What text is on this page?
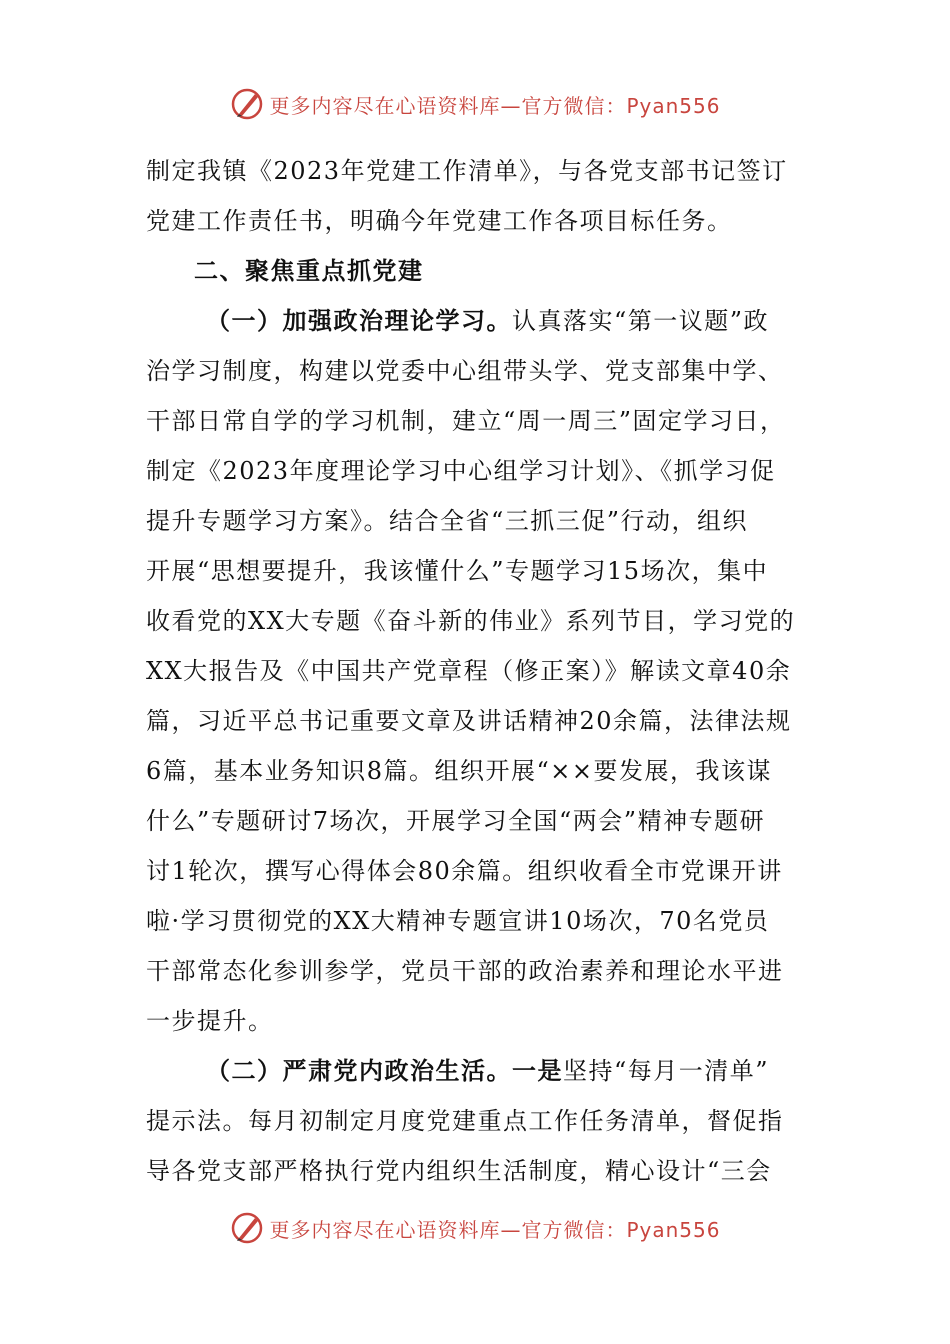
更多内容尽在心语资料库—官方微信：Pyan556
制定我镇《2023年党建工作清单》，与各党支部书记签订
党建工作责任书，明确今年党建工作各项目标任务。
二、聚焦重点抓党建
（一）加强政治理论学习。认真落实“第一议题”政
治学习制度，构建以党委中心组带头学、党支部集中学、
干部日常自学的学习机制，建立“周一周三”固定学习日，
制定《2023年度理论学习中心组学习计划》、《抓学习促
提升专题学习方案》。结合全省“三抓三促”行动，组织
开展“思想要提升，我该懂什么”专题学习15场次，集中
收看党的XX大专题《奋斗新的伟业》系列节目，学习党的
XX大报告及《中国共产党章程（修正案）》解读文章40余
篇，习近平总书记重要文章及讲话精神20余篇，法律法规
6篇，基本业务知识8篇。组织开展“××要发展，我该谋
什么”专题研讨7场次，开展学习全国“两会”精神专题研
讨1轮次，撰写心得体会80余篇。组织收看全市党课开讲
啦·学习贯彻党的XX大精神专题宣讲10场次，70名党员
干部常态化参训参学，党员干部的政治素养和理论水平进
一步提升。
（二）严肃党内政治生活。一是坚持“每月一清单”
提示法。每月初制定月度党建重点工作任务清单，督促指
导各党支部严格执行党内组织生活制度，精心设计“三会
更多内容尽在心语资料库—官方微信：Pyan556
